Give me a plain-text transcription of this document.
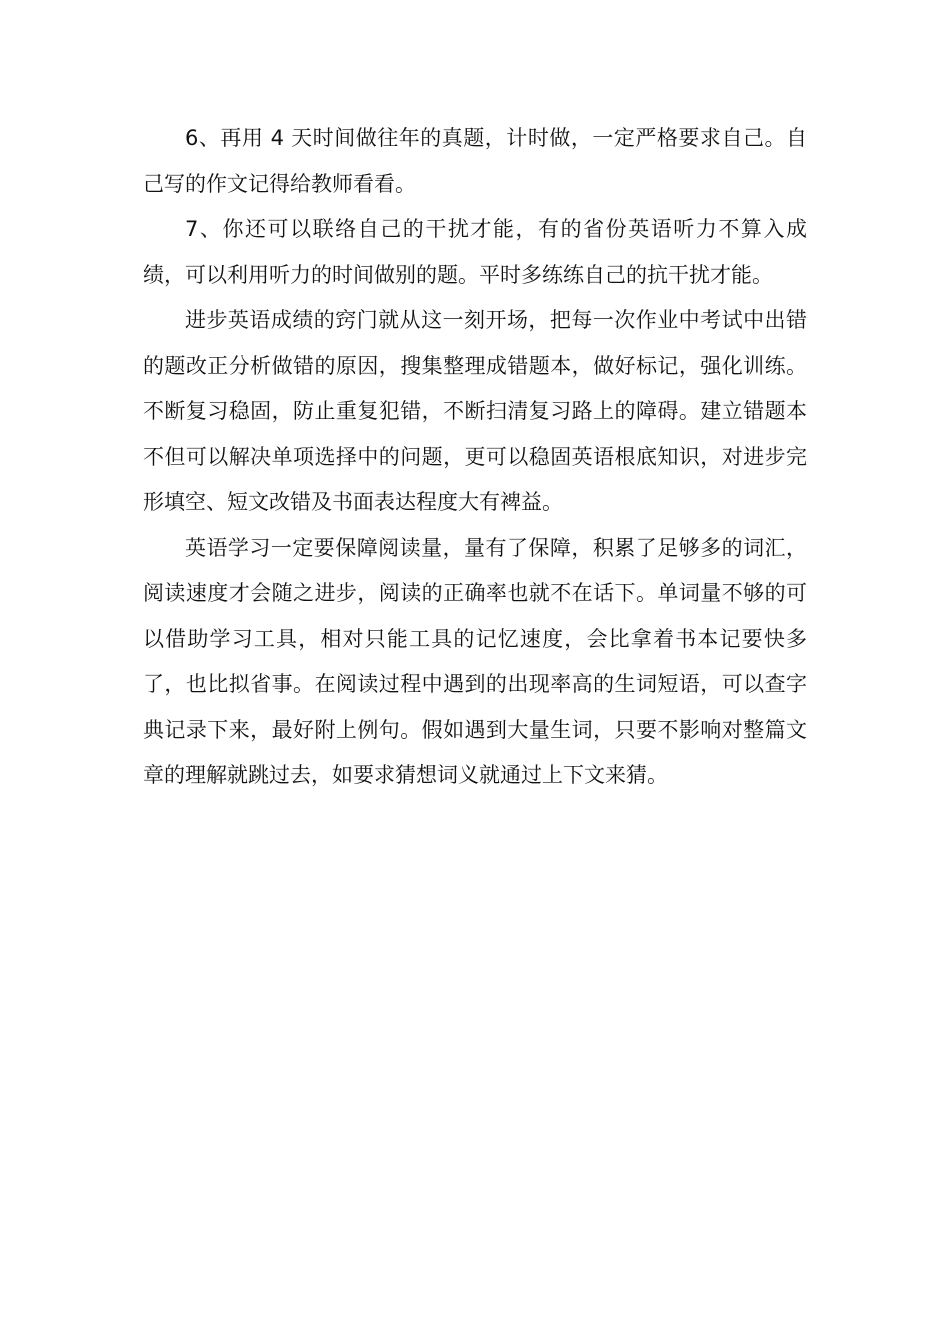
6、再用 4 天时间做往年的真题，计时做，一定严格要求自己。自己写的作文记得给教师看看。

7、你还可以联络自己的干扰才能，有的省份英语听力不算入成绩，可以利用听力的时间做别的题。平时多练练自己的抗干扰才能。

进步英语成绩的窍门就从这一刻开场，把每一次作业中考试中出错的题改正分析做错的原因，搜集整理成错题本，做好标记，强化训练。不断复习稳固，防止重复犯错，不断扫清复习路上的障碍。建立错题本不但可以解决单项选择中的问题，更可以稳固英语根底知识，对进步完形填空、短文改错及书面表达程度大有裨益。

英语学习一定要保障阅读量，量有了保障，积累了足够多的词汇，阅读速度才会随之进步，阅读的正确率也就不在话下。单词量不够的可以借助学习工具，相对只能工具的记忆速度，会比拿着书本记要快多了，也比拟省事。在阅读过程中遇到的出现率高的生词短语，可以查字典记录下来，最好附上例句。假如遇到大量生词，只要不影响对整篇文章的理解就跳过去，如要求猜想词义就通过上下文来猜。
